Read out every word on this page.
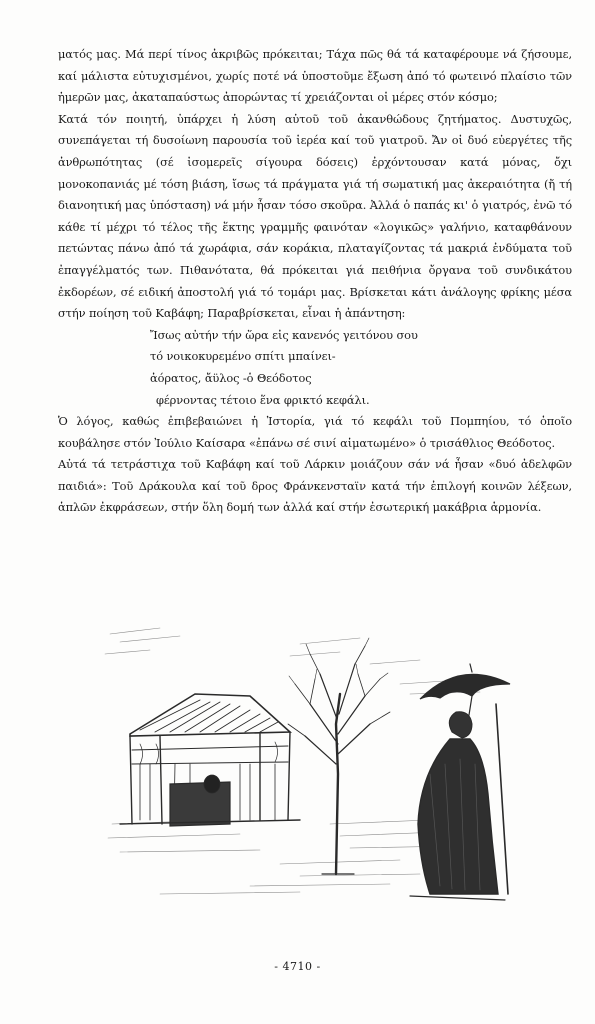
ματός μας. Μά περί τίνος ἀκριβῶς πρόκειται; Τάχα πῶς θά τά καταφέρουμε νά ζήσουμε, καί μάλιστα εὐτυχισμένοι, χωρίς ποτέ νά ὑποστοῦμε ἔξωση ἀπό τό φωτεινό πλαίσιο τῶν ἡμερῶν μας, ἀκαταπαύστως ἀπορώντας τί χρειάζονται οἱ μέρες στόν κόσμο;

Κατά τόν ποιητή, ὑπάρχει ἡ λύση αὐτοῦ τοῦ ἀκανθώδους ζητήματος. Δυστυχῶς, συνεπάγεται τή δυσοίωνη παρουσία τοῦ ἱερέα καί τοῦ γιατροῦ. Ἄν οἱ δυό εὐεργέτες τῆς ἀνθρωπότητας (σέ ἰσομερεῖς σίγουρα δόσεις) ἐρχόντουσαν κατά μόνας, ὄχι μονοκοπανιάς μέ τόση βιάση, ἴσως τά πράγματα γιά τή σωματική μας ἀκεραιότητα (ἤ τή διανοητική μας ὑπόσταση) νά μήν ἦσαν τόσο σκοῦρα. Ἀλλά ὁ παπάς κι' ὁ γιατρός, ἐνῶ τό κάθε τί μέχρι τό τέλος τῆς ἕκτης γραμμῆς φαινόταν «λογικῶς» γαλήνιο, καταφθάνουν πετώντας πάνω ἀπό τά χωράφια, σάν κοράκια, πλαταγίζοντας τά μακριά ἐνδύματα τοῦ ἐπαγγέλματός των. Πιθανότατα, θά πρόκειται γιά πειθήνια ὄργανα τοῦ συνδικάτου ἐκδορέων, σέ ειδική ἀποστολή γιά τό τομάρι μας. Βρίσκεται κάτι ἀνάλογης φρίκης μέσα στήν ποίηση τοῦ Καβάφη; Παραβρίσκεται, εἶναι ἡ ἀπάντηση:

Ἴσως αὐτήν τήν ὥρα εἰς κανενός γειτόνου σου
τό νοικοκυρεμένο σπίτι μπαίνει-
ἀόρατος, ἄϋλος -ὁ Θεόδοτος
φέρνοντας τέτοιο ἕνα φρικτό κεφάλι.

Ὁ λόγος, καθώς ἐπιβεβαιώνει ἡ Ἱστορία, γιά τό κεφάλι τοῦ Πομπηίου, τό ὁποῖο κουβάλησε στόν Ἰούλιο Καίσαρα «ἐπάνω σέ σινί αἱματωμένο» ὁ τρισάθλιος Θεόδοτος.

Αὐτά τά τετράστιχα τοῦ Καβάφη καί τοῦ Λάρκιν μοιάζουν σάν νά ἦσαν «δυό ἀδελφῶν παιδιά»: Τοῦ Δράκουλα καί τοῦ δρος Φράνκενσταϊν κατά τήν ἐπιλογή κοινῶν λέξεων, ἁπλῶν ἐκφράσεων, στήν ὅλη δομή των ἀλλά καί στήν ἐσωτερική μακάβρια ἁρμονία.

- 4710 -
